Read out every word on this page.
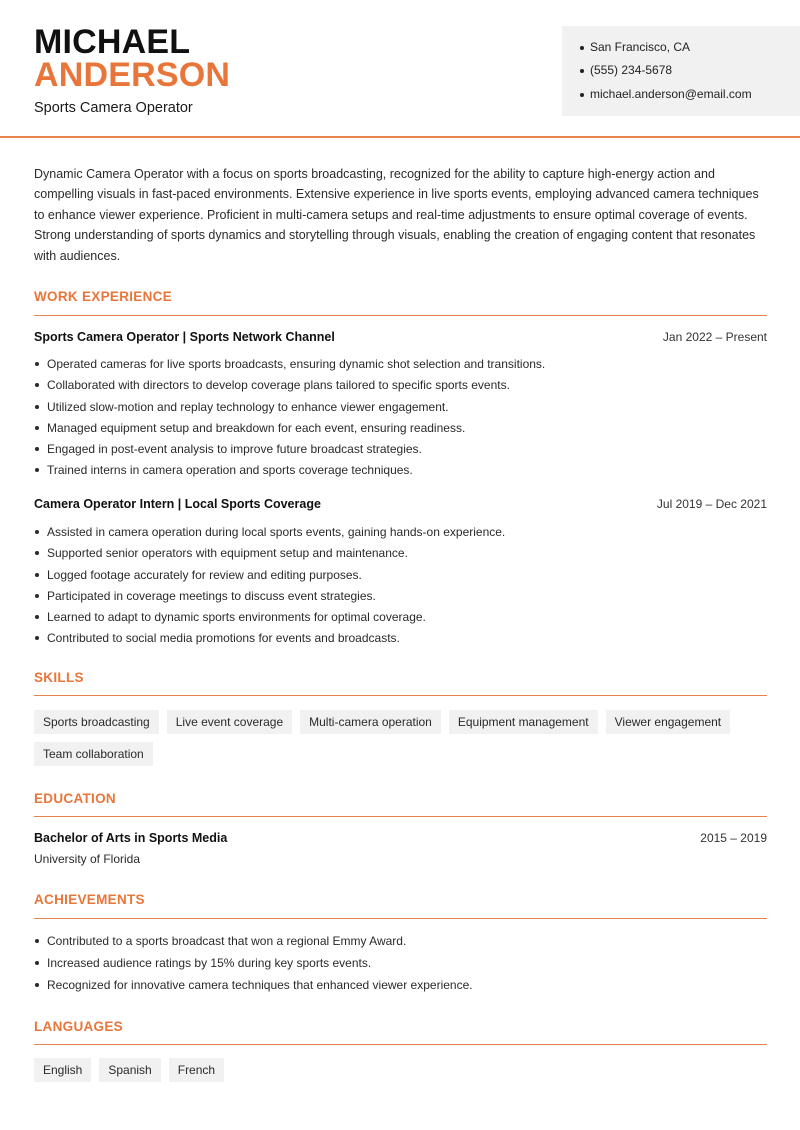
MICHAEL
ANDERSON
Sports Camera Operator
San Francisco, CA
(555) 234-5678
michael.anderson@email.com

Dynamic Camera Operator with a focus on sports broadcasting, recognized for the ability to capture high-energy action and compelling visuals in fast-paced environments. Extensive experience in live sports events, employing advanced camera techniques to enhance viewer experience. Proficient in multi-camera setups and real-time adjustments to ensure optimal coverage of events. Strong understanding of sports dynamics and storytelling through visuals, enabling the creation of engaging content that resonates with audiences.

WORK EXPERIENCE
Sports Camera Operator | Sports Network Channel	Jan 2022 – Present
Operated cameras for live sports broadcasts, ensuring dynamic shot selection and transitions.
Collaborated with directors to develop coverage plans tailored to specific sports events.
Utilized slow-motion and replay technology to enhance viewer engagement.
Managed equipment setup and breakdown for each event, ensuring readiness.
Engaged in post-event analysis to improve future broadcast strategies.
Trained interns in camera operation and sports coverage techniques.
Camera Operator Intern | Local Sports Coverage	Jul 2019 – Dec 2021
Assisted in camera operation during local sports events, gaining hands-on experience.
Supported senior operators with equipment setup and maintenance.
Logged footage accurately for review and editing purposes.
Participated in coverage meetings to discuss event strategies.
Learned to adapt to dynamic sports environments for optimal coverage.
Contributed to social media promotions for events and broadcasts.
SKILLS
Sports broadcasting	Live event coverage	Multi-camera operation	Equipment management	Viewer engagement
Team collaboration
EDUCATION
Bachelor of Arts in Sports Media	2015 – 2019
University of Florida
ACHIEVEMENTS
Contributed to a sports broadcast that won a regional Emmy Award.
Increased audience ratings by 15% during key sports events.
Recognized for innovative camera techniques that enhanced viewer experience.
LANGUAGES
English	Spanish	French
